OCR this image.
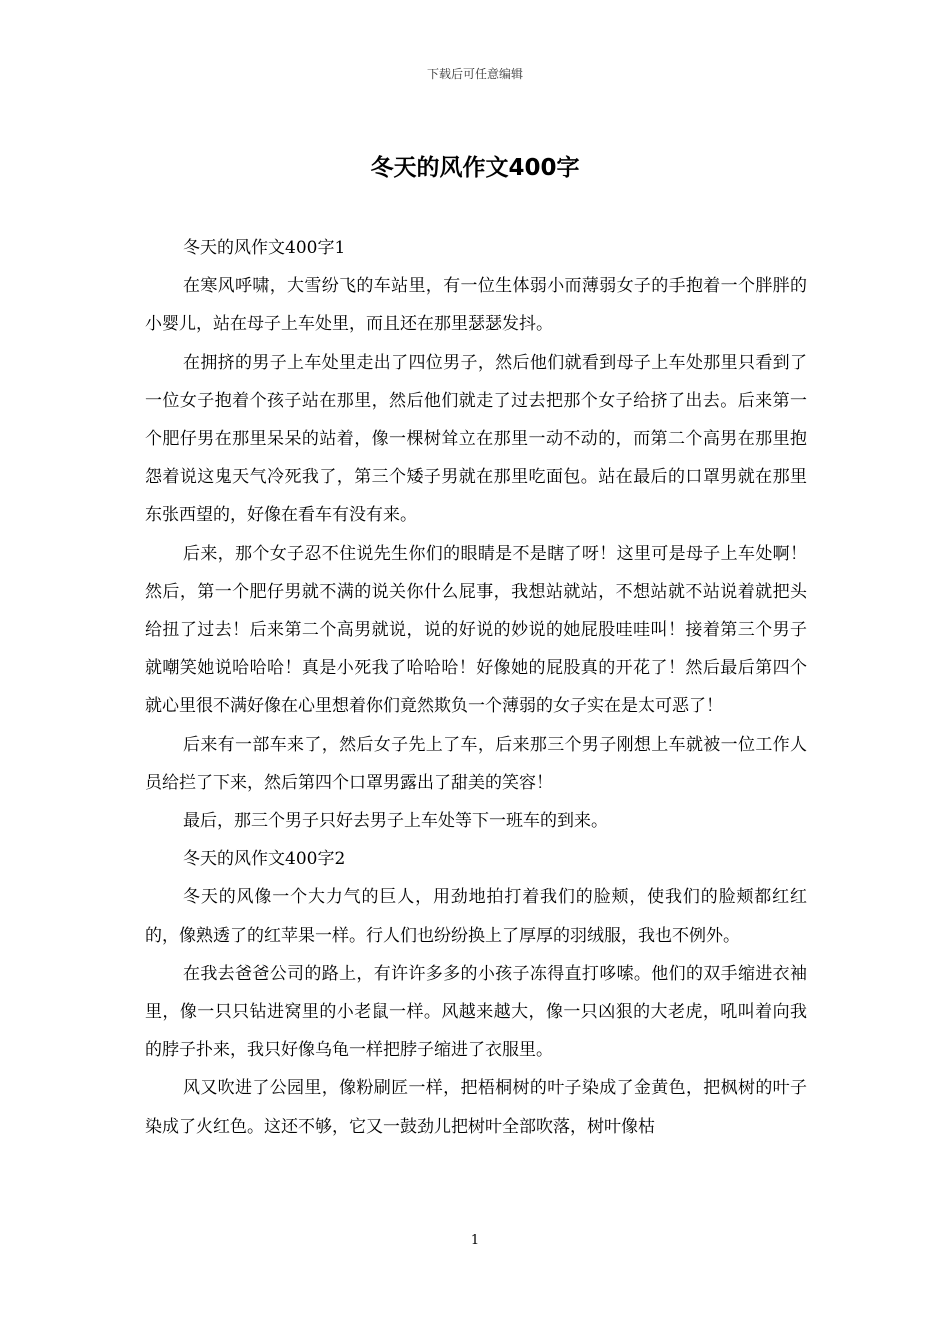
下载后可任意编辑
冬天的风作文400字

冬天的风作文400字1

在寒风呼啸，大雪纷飞的车站里，有一位生体弱小而薄弱女子的手抱着一个胖胖的小婴儿，站在母子上车处里，而且还在那里瑟瑟发抖。

在拥挤的男子上车处里走出了四位男子，然后他们就看到母子上车处那里只看到了一位女子抱着个孩子站在那里，然后他们就走了过去把那个女子给挤了出去。后来第一个肥仔男在那里呆呆的站着，像一棵树耸立在那里一动不动的，而第二个高男在那里抱怨着说这鬼天气冷死我了，第三个矮子男就在那里吃面包。站在最后的口罩男就在那里东张西望的，好像在看车有没有来。

后来，那个女子忍不住说先生你们的眼睛是不是瞎了呀！这里可是母子上车处啊！然后，第一个肥仔男就不满的说关你什么屁事，我想站就站，不想站就不站说着就把头给扭了过去！后来第二个高男就说，说的好说的妙说的她屁股哇哇叫！接着第三个男子就嘲笑她说哈哈哈！真是小死我了哈哈哈！好像她的屁股真的开花了！然后最后第四个就心里很不满好像在心里想着你们竟然欺负一个薄弱的女子实在是太可恶了！

后来有一部车来了，然后女子先上了车，后来那三个男子刚想上车就被一位工作人员给拦了下来，然后第四个口罩男露出了甜美的笑容！

最后，那三个男子只好去男子上车处等下一班车的到来。

冬天的风作文400字2

冬天的风像一个大力气的巨人，用劲地拍打着我们的脸颊，使我们的脸颊都红红的，像熟透了的红苹果一样。行人们也纷纷换上了厚厚的羽绒服，我也不例外。

在我去爸爸公司的路上，有许许多多的小孩子冻得直打哆嗦。他们的双手缩进衣袖里，像一只只钻进窝里的小老鼠一样。风越来越大，像一只凶狠的大老虎，吼叫着向我的脖子扑来，我只好像乌龟一样把脖子缩进了衣服里。

风又吹进了公园里，像粉刷匠一样，把梧桐树的叶子染成了金黄色，把枫树的叶子染成了火红色。这还不够，它又一鼓劲儿把树叶全部吹落，树叶像枯

1
